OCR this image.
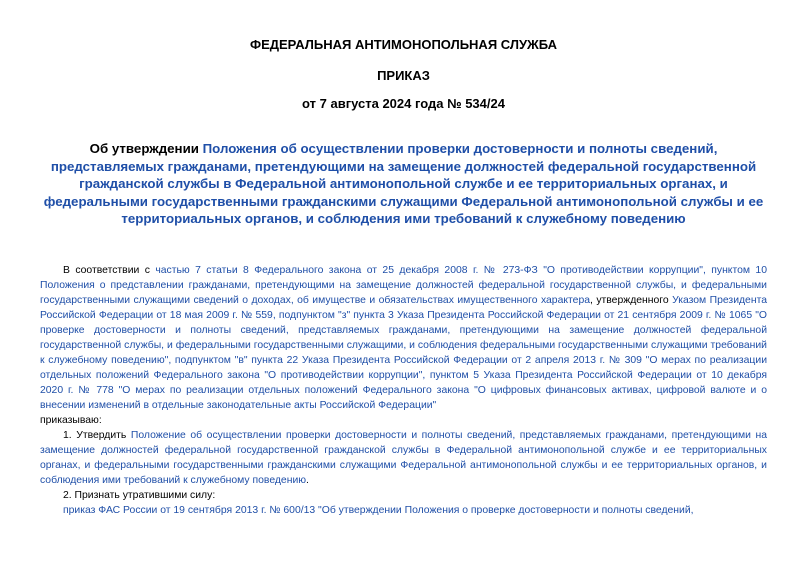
ФЕДЕРАЛЬНАЯ АНТИМОНОПОЛЬНАЯ СЛУЖБА
ПРИКАЗ
от 7 августа 2024 года № 534/24
Об утверждении Положения об осуществлении проверки достоверности и полноты сведений, представляемых гражданами, претендующими на замещение должностей федеральной государственной гражданской службы в Федеральной антимонопольной службе и ее территориальных органах, и федеральными государственными гражданскими служащими Федеральной антимонопольной службы и ее территориальных органов, и соблюдения ими требований к служебному поведению

В соответствии с частью 7 статьи 8 Федерального закона от 25 декабря 2008 г. № 273-ФЗ "О противодействии коррупции", пунктом 10 Положения о представлении гражданами, претендующими на замещение должностей федеральной государственной службы, и федеральными государственными служащими сведений о доходах, об имуществе и обязательствах имущественного характера, утвержденного Указом Президента Российской Федерации от 18 мая 2009 г. № 559, подпунктом "з" пункта 3 Указа Президента Российской Федерации от 21 сентября 2009 г. № 1065 "О проверке достоверности и полноты сведений, представляемых гражданами, претендующими на замещение должностей федеральной государственной службы, и федеральными государственными служащими, и соблюдения федеральными государственными служащими требований к служебному поведению", подпунктом "в" пункта 22 Указа Президента Российской Федерации от 2 апреля 2013 г. № 309 "О мерах по реализации отдельных положений Федерального закона "О противодействии коррупции", пунктом 5 Указа Президента Российской Федерации от 10 декабря 2020 г. № 778 "О мерах по реализации отдельных положений Федерального закона "О цифровых финансовых активах, цифровой валюте и о внесении изменений в отдельные законодательные акты Российской Федерации"

приказываю:

1. Утвердить Положение об осуществлении проверки достоверности и полноты сведений, представляемых гражданами, претендующими на замещение должностей федеральной государственной гражданской службы в Федеральной антимонопольной службе и ее территориальных органах, и федеральными государственными гражданскими служащими Федеральной антимонопольной службы и ее территориальных органов, и соблюдения ими требований к служебному поведению.

2. Признать утратившими силу:

приказ ФАС России от 19 сентября 2013 г. № 600/13 "Об утверждении Положения о проверке достоверности и полноты сведений,
